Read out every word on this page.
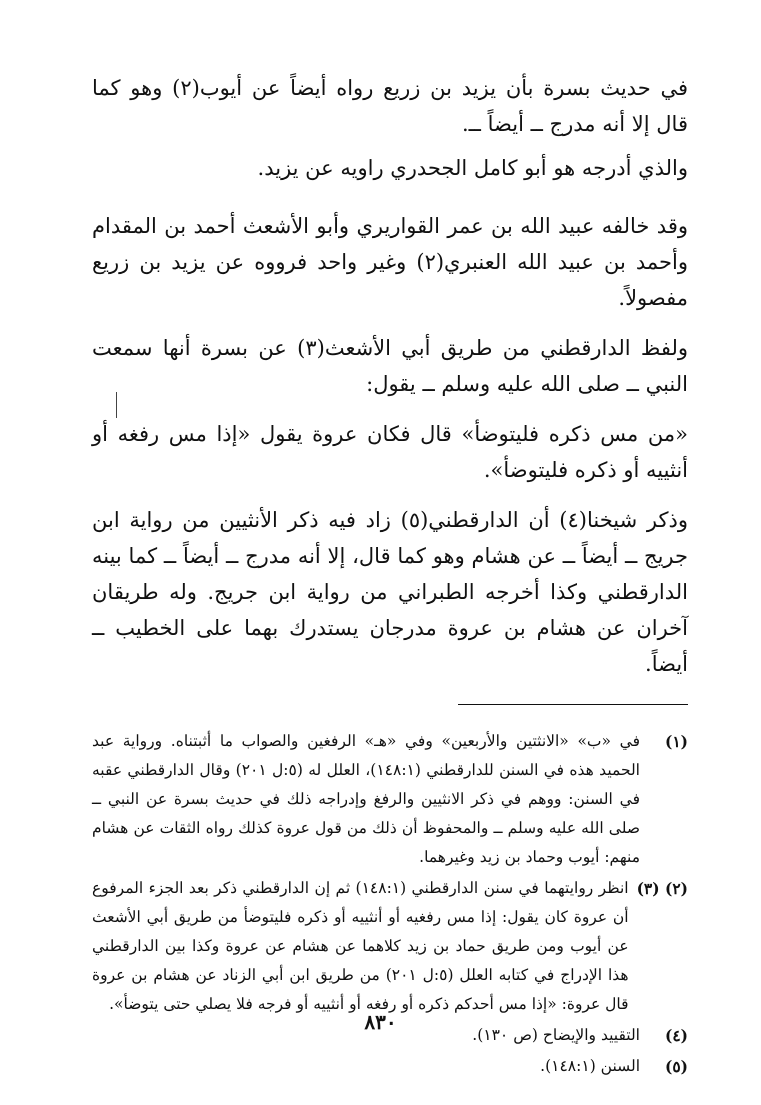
في حديث بسرة بأن يزيد بن زريع رواه أيضاً عن أيوب(٢) وهو كما قال إلا أنه مدرج ــ أيضاً ــ.

والذي أدرجه هو أبو كامل الجحدري راويه عن يزيد.

وقد خالفه عبيد الله بن عمر القواريري وأبو الأشعث أحمد بن المقدام وأحمد بن عبيد الله العنبري(٢) وغير واحد فرووه عن يزيد بن زريع مفصولاً.

ولفظ الدارقطني من طريق أبي الأشعث(٣) عن بسرة أنها سمعت النبي ــ صلى الله عليه وسلم ــ يقول:

«من مس ذكره فليتوضأ» قال فكان عروة يقول «إذا مس رفغه أو أنثييه أو ذكره فليتوضأ».

وذكر شيخنا(٤) أن الدارقطني(٥) زاد فيه ذكر الأنثيين من رواية ابن جريج ــ أيضاً ــ عن هشام وهو كما قال، إلا أنه مدرج ــ أيضاً ــ كما بينه الدارقطني وكذا أخرجه الطبراني من رواية ابن جريج. وله طريقان آخران عن هشام بن عروة مدرجان يستدرك بهما على الخطيب ــ أيضاً.

(١)
في «ب» «الانثتين والأربعين» وفي «هـ» الرفغين والصواب ما أثبتناه. ورواية عبد الحميد هذه في السنن للدارقطني (١٤٨:١)، العلل له (٥:ل ٢٠١) وقال الدارقطني عقبه في السنن: ووهم في ذكر الانثيين والرفغ وإدراجه ذلك في حديث بسرة عن النبي ــ صلى الله عليه وسلم ــ والمحفوظ أن ذلك من قول عروة كذلك رواه الثقات عن هشام منهم: أيوب وحماد بن زيد وغيرهما.
(٢) (٣)
انظر روايتهما في سنن الدارقطني (١٤٨:١) ثم إن الدارقطني ذكر بعد الجزء المرفوع أن عروة كان يقول: إذا مس رفغيه أو أنثييه أو ذكره فليتوضأ من طريق أبي الأشعث عن أيوب ومن طريق حماد بن زيد كلاهما عن هشام عن عروة وكذا بين الدارقطني هذا الإدراج في كتابه العلل (٥:ل ٢٠١) من طريق ابن أبي الزناد عن هشام بن عروة قال عروة: «إذا مس أحدكم ذكره أو رفغه أو أنثييه أو فرجه فلا يصلي حتى يتوضأ».
(٤)
التقييد والإيضاح (ص ١٣٠).
(٥)
السنن (١٤٨:١).
٨٣٠
